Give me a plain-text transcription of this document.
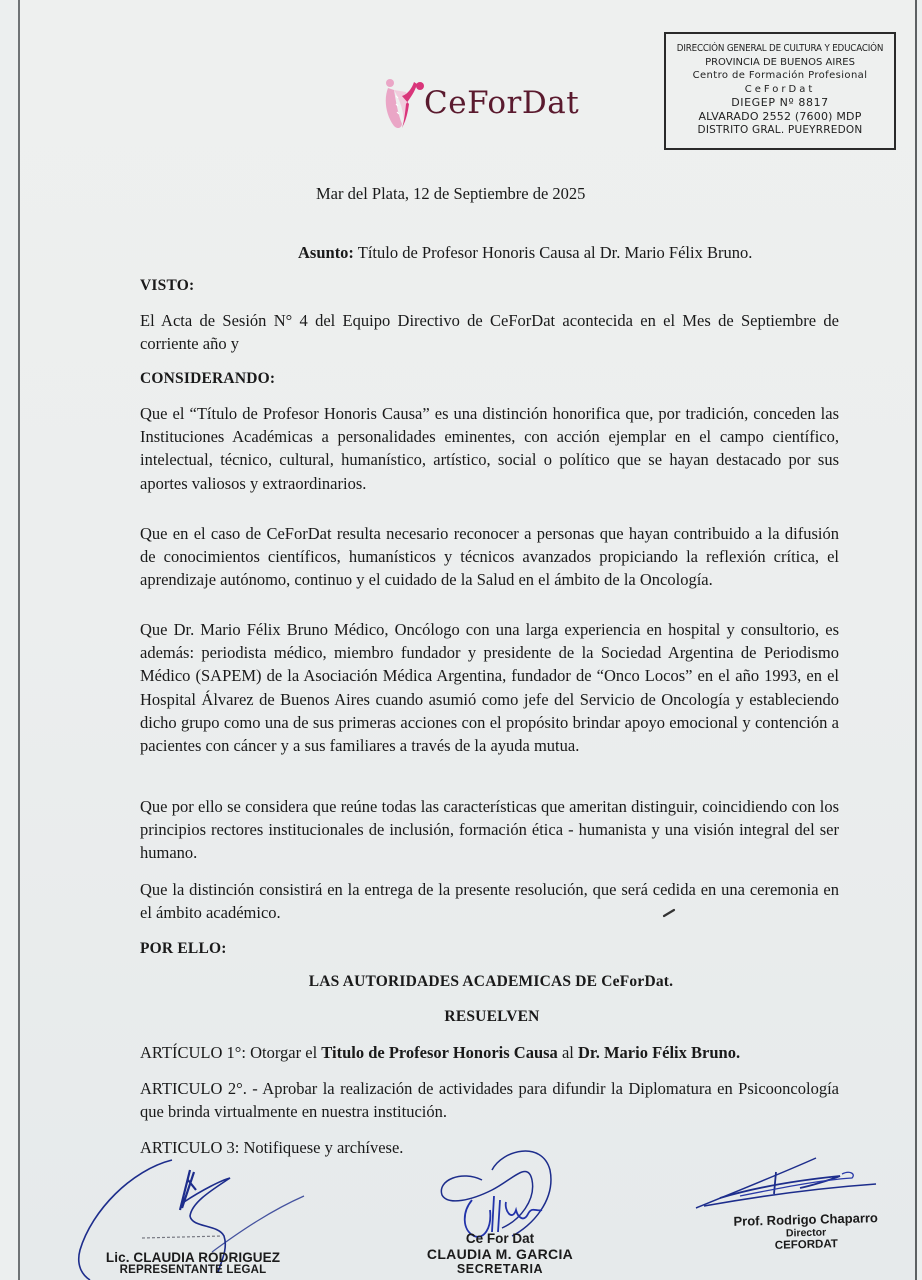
CeForDat
DIRECCIÓN GENERAL DE CULTURA Y EDUCACIÓN
PROVINCIA DE BUENOS AIRES
Centro de Formación Profesional
CeForDat
DIEGEP Nº 8817
ALVARADO 2552 (7600) MDP
DISTRITO GRAL. PUEYRREDON
Mar del Plata, 12 de Septiembre de 2025
Asunto: Título de Profesor Honoris Causa al Dr. Mario Félix Bruno.
VISTO:
El Acta de Sesión N° 4 del Equipo Directivo de CeForDat acontecida en el Mes de Septiembre de corriente año y
CONSIDERANDO:
Que el “Título de Profesor Honoris Causa” es una distinción honorifica que, por tradición, conceden las Instituciones Académicas a personalidades eminentes, con acción ejemplar en el campo científico, intelectual, técnico, cultural, humanístico, artístico, social o político que se hayan destacado por sus aportes valiosos y extraordinarios.
Que en el caso de CeForDat resulta necesario reconocer a personas que hayan contribuido a la difusión de conocimientos científicos, humanísticos y técnicos avanzados propiciando la reflexión crítica, el aprendizaje autónomo, continuo y el cuidado de la Salud en el ámbito de la Oncología.
Que Dr. Mario Félix Bruno Médico, Oncólogo con una larga experiencia en hospital y consultorio, es además: periodista médico, miembro fundador y presidente de la Sociedad Argentina de Periodismo Médico (SAPEM) de la Asociación Médica Argentina, fundador de “Onco Locos” en el año 1993, en el Hospital Álvarez de Buenos Aires cuando asumió como jefe del Servicio de Oncología y estableciendo dicho grupo como una de sus primeras acciones con el propósito brindar apoyo emocional y contención a pacientes con cáncer y a sus familiares a través de la ayuda mutua.
Que por ello se considera que reúne todas las características que ameritan distinguir, coincidiendo con los principios rectores institucionales de inclusión, formación ética - humanista y una visión integral del ser humano.
Que la distinción consistirá en la entrega de la presente resolución, que será cedida en una ceremonia en el ámbito académico.
POR ELLO:
LAS AUTORIDADES ACADEMICAS DE CeForDat.
RESUELVEN
ARTÍCULO 1°: Otorgar el Titulo de Profesor Honoris Causa al Dr. Mario Félix Bruno.
ARTICULO 2°. - Aprobar la realización de actividades para difundir la Diplomatura en Psicooncología que brinda virtualmente en nuestra institución.
ARTICULO 3: Notifiquese y archívese.
Lic. CLAUDIA RODRIGUEZ
REPRESENTANTE LEGAL
Ce For Dat
CLAUDIA M. GARCIA
SECRETARIA
Prof. Rodrigo Chaparro
Director
CEFORDAT
